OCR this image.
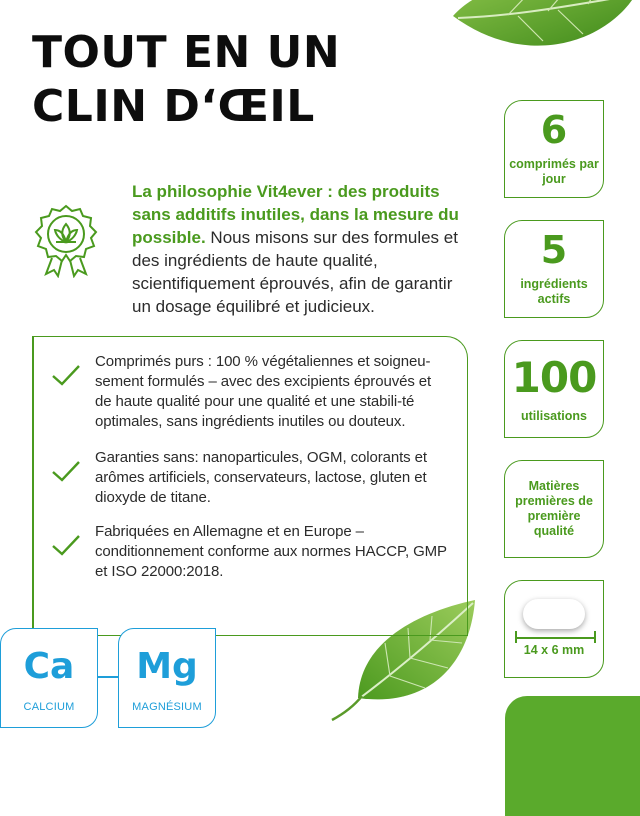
TOUT EN UN
CLIN D‘ŒIL

La philosophie Vit4ever : des produits sans additifs inutiles, dans la mesure du possible. Nous misons sur des formules et des ingrédients de haute qualité, scientifiquement éprouvés, afin de garantir un dosage équilibré et judicieux.

Comprimés purs : 100 % végétaliennes et soigneu-sement formulés – avec des excipients éprouvés et de haute qualité pour une qualité et une stabili-té optimales, sans ingrédients inutiles ou douteux.
Garanties sans: nanoparticules, OGM, colorants et arômes artificiels, conservateurs, lactose, gluten et dioxyde de titane.
Fabriquées en Allemagne et en Europe – conditionnement conforme aux normes HACCP, GMP et ISO 22000:2018.
6
comprimés par jour
5
ingrédients actifs
100
utilisations
Matières premières de première qualité
14 x 6 mm
Ca
CALCIUM
Mg
MAGNÉSIUM
